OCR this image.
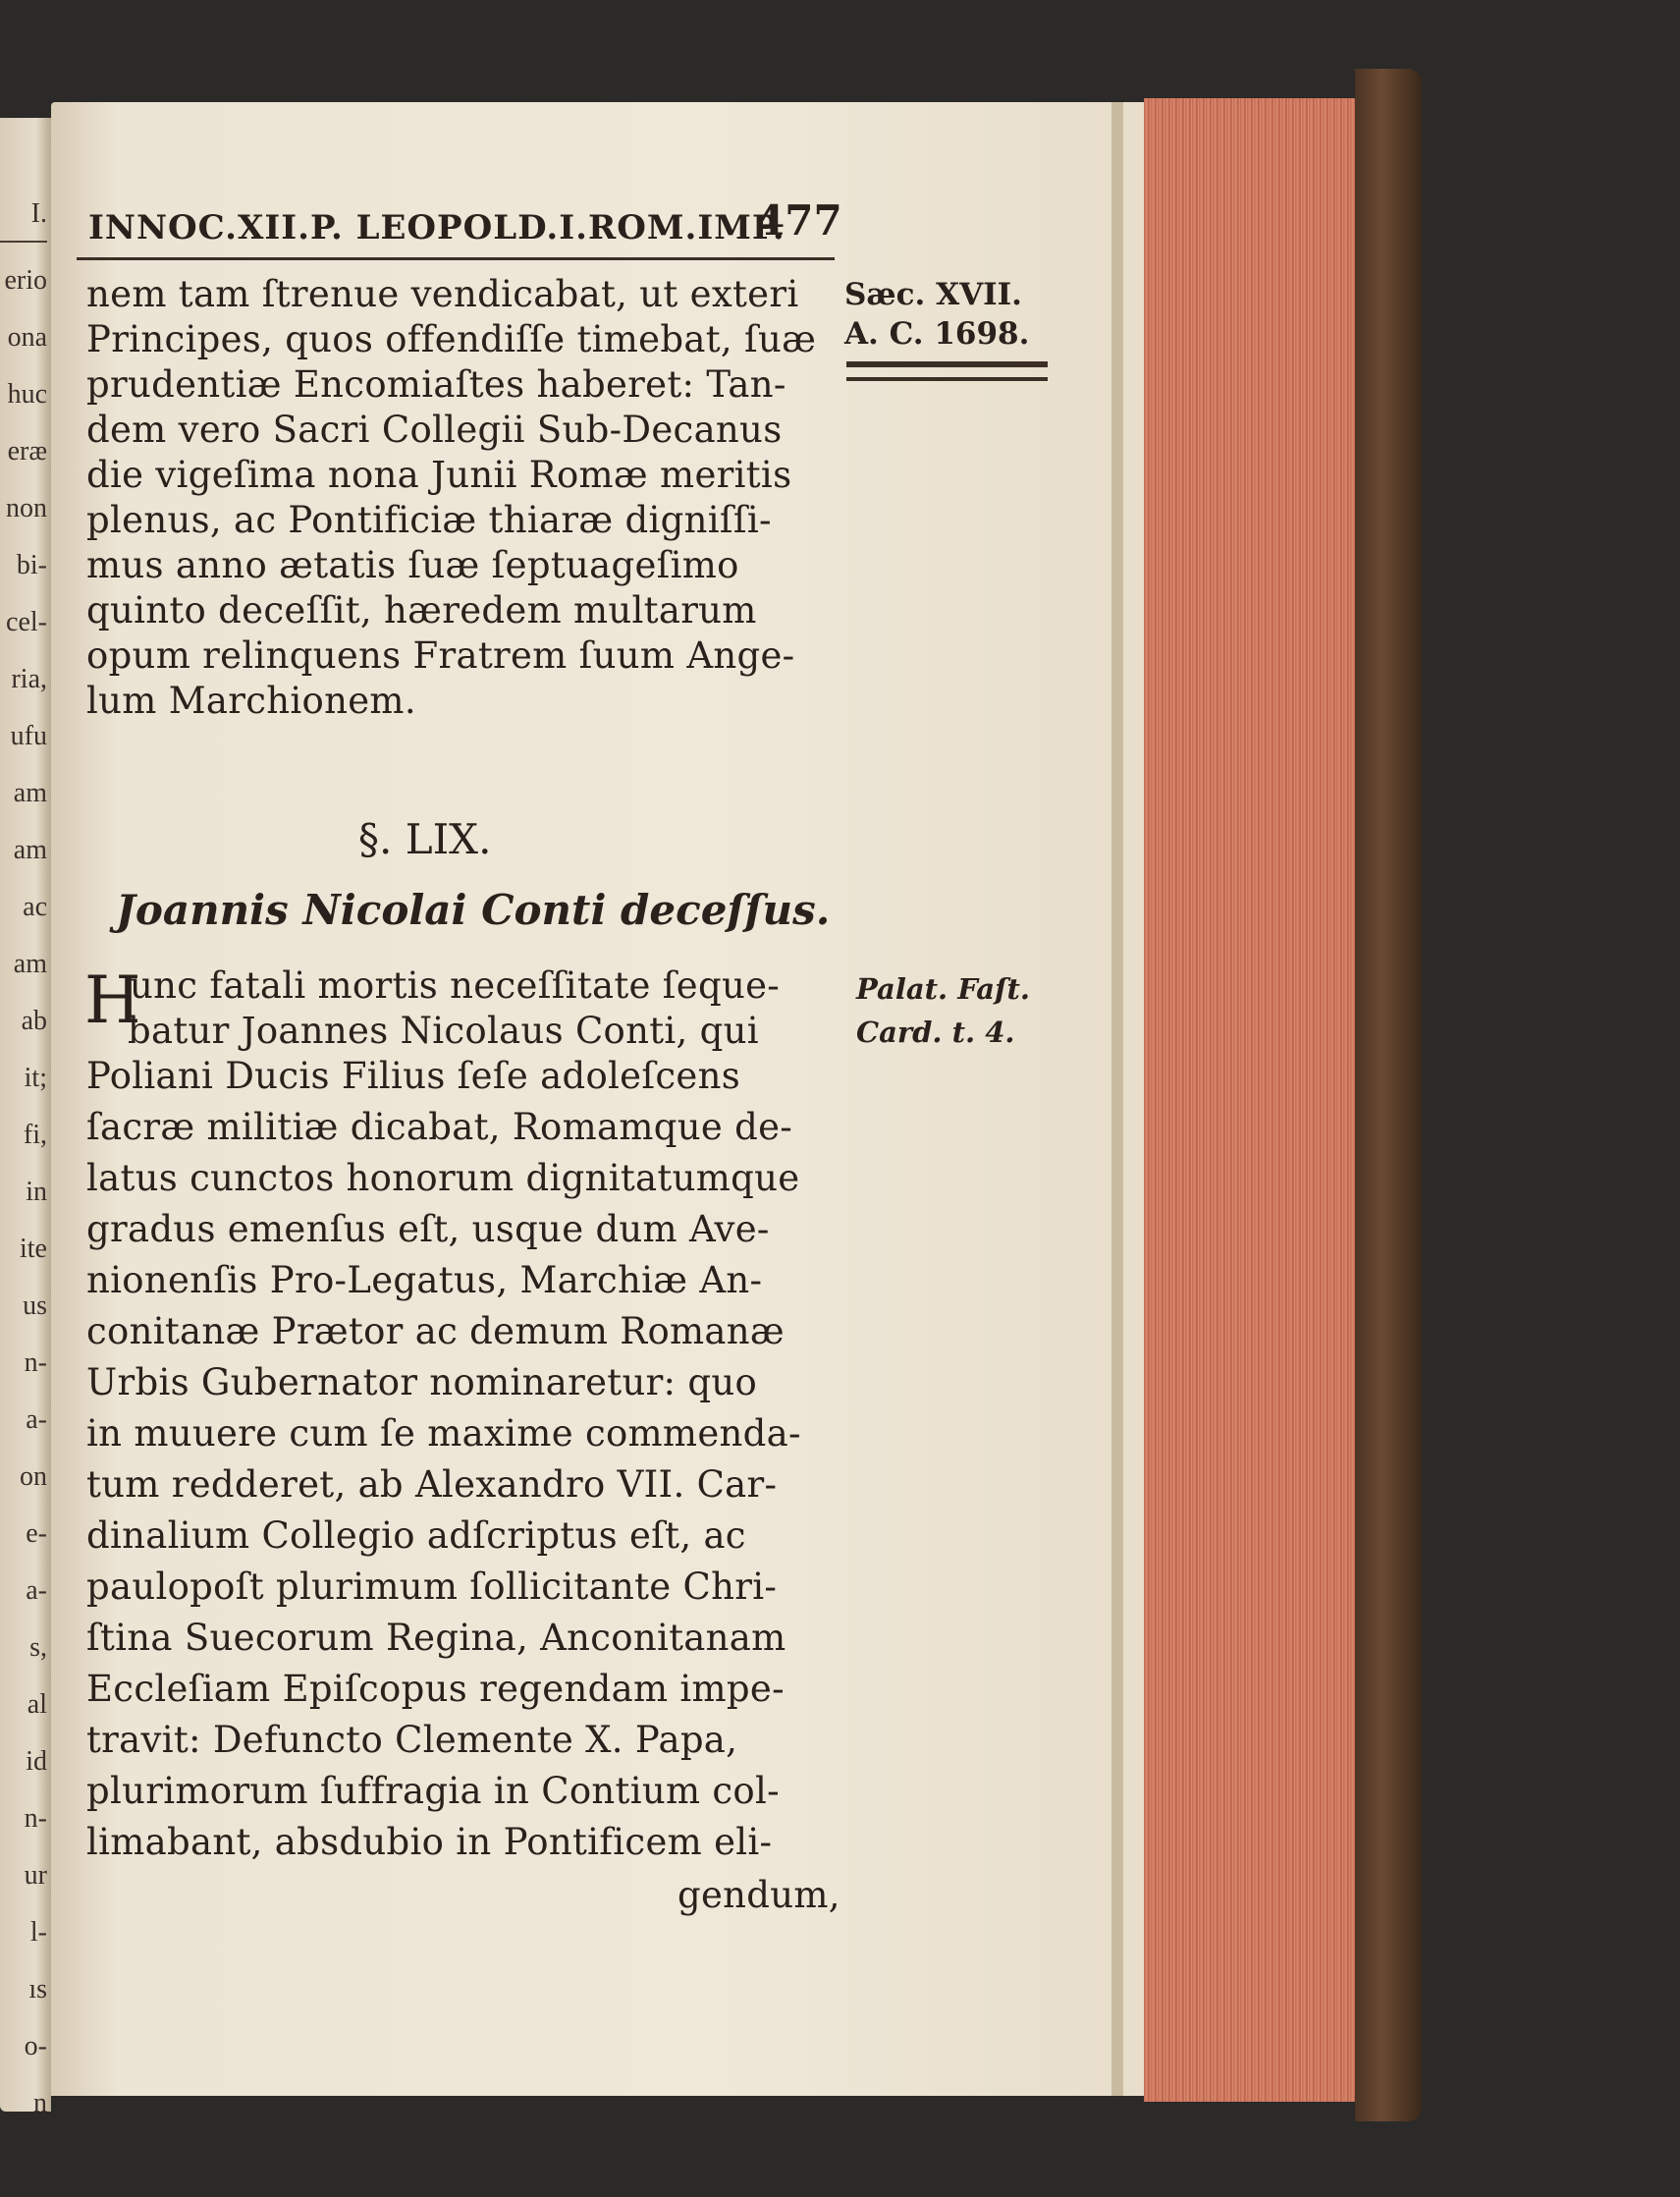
I.
erio
ona
huc
eræ
non
bi-
cel-
ria,
ufu
am
am
ac
am
ab
it;
fi,
in
ite
us
n-
a-
on
e-
a-
s,
al
id
n-
ur
l-
ıs
o-
n
INNOC.XII.P. LEOPOLD.I.ROM.IMP.
477
Sæc. XVII.
A. C. 1698.
nem tam ſtrenue vendicabat, ut exteri
Principes, quos offendiſſe timebat, ſuæ
prudentiæ Encomiaſtes haberet: Tan-
dem vero Sacri Collegii Sub-Decanus
die vigeſima nona Junii Romæ meritis
plenus, ac Pontificiæ thiaræ digniſſi-
mus anno ætatis ſuæ ſeptuageſimo
quinto deceſſit, hæredem multarum
opum relinquens Fratrem ſuum Ange-
lum Marchionem.
§. LIX.
Joannis Nicolai Conti deceſſus.
H	Palat. Faſt.
Card. t. 4.
unc fatali mortis neceſſitate ſeque-
batur Joannes Nicolaus Conti, qui
Poliani Ducis Filius ſeſe adoleſcens
ſacræ militiæ dicabat, Romamque de-
latus cunctos honorum dignitatumque
gradus emenſus eſt, usque dum Ave-
nionenſis Pro-Legatus, Marchiæ An-
conitanæ Prætor ac demum Romanæ
Urbis Gubernator nominaretur: quo
in muuere cum ſe maxime commenda-
tum redderet, ab Alexandro VII. Car-
dinalium Collegio adſcriptus eſt, ac
paulopoſt plurimum ſollicitante Chri-
ſtina Suecorum Regina, Anconitanam
Eccleſiam Epiſcopus regendam impe-
travit: Defuncto Clemente X. Papa,
plurimorum ſuffragia in Contium col-
limabant, absdubio in Pontificem eli-
gendum,
